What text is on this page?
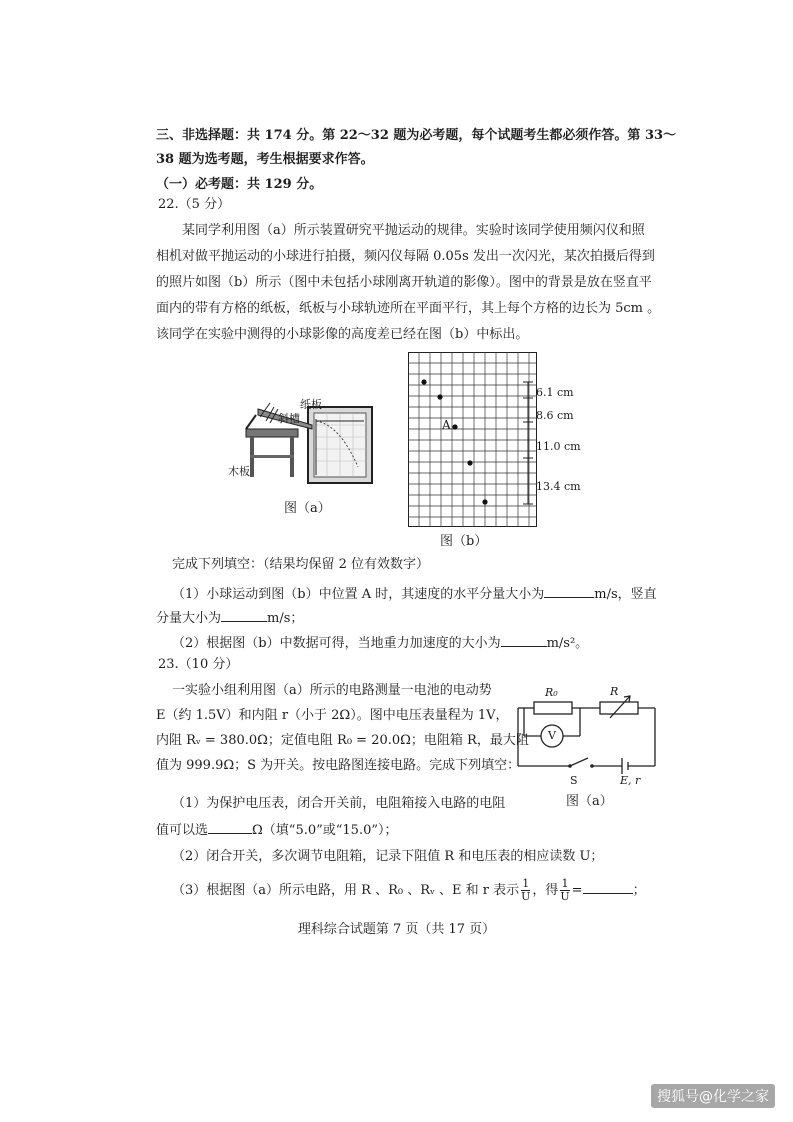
三、非选择题：共 174 分。第 22～32 题为必考题，每个试题考生都必须作答。第 33～
38 题为选考题，考生根据要求作答。
（一）必考题：共 129 分。
22.（5 分）
某同学利用图（a）所示装置研究平抛运动的规律。实验时该同学使用频闪仪和照
相机对做平抛运动的小球进行拍摄，频闪仪每隔 0.05s 发出一次闪光，某次拍摄后得到
的照片如图（b）所示（图中未包括小球刚离开轨道的影像）。图中的背景是放在竖直平
面内的带有方格的纸板，纸板与小球轨迹所在平面平行，其上每个方格的边长为 5cm 。
该同学在实验中测得的小球影像的高度差已经在图（b）中标出。
纸板
斜槽
木板
图（a）
A
6.1 cm
8.6 cm
11.0 cm
13.4 cm
图（b）
完成下列填空：（结果均保留 2 位有效数字）
（1）小球运动到图（b）中位置 A 时，其速度的水平分量大小为	m/s，竖直
分量大小为	m/s；
（2）根据图（b）中数据可得，当地重力加速度的大小为	m/s²。
23.（10 分）
一实验小组利用图（a）所示的电路测量一电池的电动势
E（约 1.5V）和内阻 r（小于 2Ω）。图中电压表量程为 1V，
内阻 Rᵥ = 380.0Ω；定值电阻 R₀ = 20.0Ω；电阻箱 R，最大阻
值为 999.9Ω；S 为开关。按电路图连接电路。完成下列填空：
R₀	R
V
S	E, r
图（a）
（1）为保护电压表，闭合开关前，电阻箱接入电路的电阻
值可以选	Ω（填“5.0”或“15.0”）；
（2）闭合开关，多次调节电阻箱，记录下阻值 R 和电压表的相应读数 U；
（3）根据图（a）所示电路，用 R 、R₀ 、Rᵥ 、E 和 r 表示 $\frac{1}{U}$ ，得 $\frac{1}{U}$ =	；
理科综合试题第 7 页（共 17 页）
搜狐号@化学之家
